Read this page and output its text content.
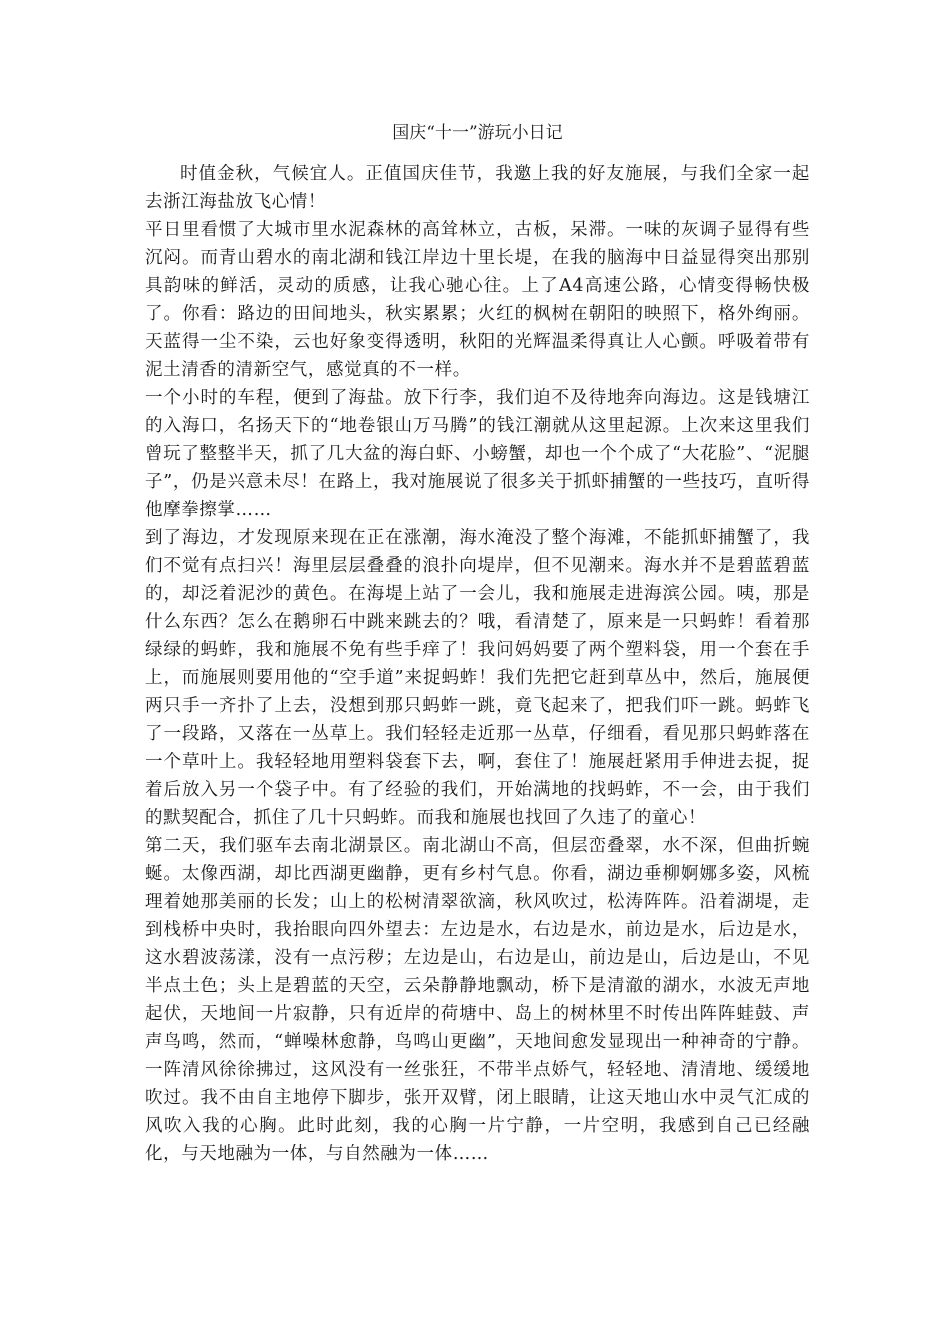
国庆“十一”游玩小日记

时值金秋，气候宜人。正值国庆佳节，我邀上我的好友施展，与我们全家一起去浙江海盐放飞心情！

平日里看惯了大城市里水泥森林的高耸林立，古板，呆滞。一味的灰调子显得有些沉闷。而青山碧水的南北湖和钱江岸边十里长堤，在我的脑海中日益显得突出那别具韵味的鲜活，灵动的质感，让我心驰心往。上了A4高速公路，心情变得畅快极了。你看：路边的田间地头，秋实累累；火红的枫树在朝阳的映照下，格外绚丽。天蓝得一尘不染，云也好象变得透明，秋阳的光辉温柔得真让人心颤。呼吸着带有泥土清香的清新空气，感觉真的不一样。

一个小时的车程，便到了海盐。放下行李，我们迫不及待地奔向海边。这是钱塘江的入海口，名扬天下的“地卷银山万马腾”的钱江潮就从这里起源。上次来这里我们曾玩了整整半天，抓了几大盆的海白虾、小螃蟹，却也一个个成了“大花脸”、“泥腿子”，仍是兴意未尽！在路上，我对施展说了很多关于抓虾捕蟹的一些技巧，直听得他摩拳擦掌……

到了海边，才发现原来现在正在涨潮，海水淹没了整个海滩，不能抓虾捕蟹了，我们不觉有点扫兴！海里层层叠叠的浪扑向堤岸，但不见潮来。海水并不是碧蓝碧蓝的，却泛着泥沙的黄色。在海堤上站了一会儿，我和施展走进海滨公园。咦，那是什么东西？怎么在鹅卵石中跳来跳去的？哦，看清楚了，原来是一只蚂蚱！看着那绿绿的蚂蚱，我和施展不免有些手痒了！我问妈妈要了两个塑料袋，用一个套在手上，而施展则要用他的“空手道”来捉蚂蚱！我们先把它赶到草丛中，然后，施展便两只手一齐扑了上去，没想到那只蚂蚱一跳，竟飞起来了，把我们吓一跳。蚂蚱飞了一段路，又落在一丛草上。我们轻轻走近那一丛草，仔细看，看见那只蚂蚱落在一个草叶上。我轻轻地用塑料袋套下去，啊，套住了！施展赶紧用手伸进去捉，捉着后放入另一个袋子中。有了经验的我们，开始满地的找蚂蚱，不一会，由于我们的默契配合，抓住了几十只蚂蚱。而我和施展也找回了久违了的童心！

第二天，我们驱车去南北湖景区。南北湖山不高，但层峦叠翠，水不深，但曲折蜿蜒。太像西湖，却比西湖更幽静，更有乡村气息。你看，湖边垂柳婀娜多姿，风梳理着她那美丽的长发；山上的松树清翠欲滴，秋风吹过，松涛阵阵。沿着湖堤，走到栈桥中央时，我抬眼向四外望去：左边是水，右边是水，前边是水，后边是水，这水碧波荡漾，没有一点污秽；左边是山，右边是山，前边是山，后边是山，不见半点土色；头上是碧蓝的天空，云朵静静地飘动，桥下是清澈的湖水，水波无声地起伏，天地间一片寂静，只有近岸的荷塘中、岛上的树林里不时传出阵阵蛙鼓、声声鸟鸣，然而，“蝉噪林愈静，鸟鸣山更幽”，天地间愈发显现出一种神奇的宁静。一阵清风徐徐拂过，这风没有一丝张狂，不带半点娇气，轻轻地、清清地、缓缓地吹过。我不由自主地停下脚步，张开双臂，闭上眼睛，让这天地山水中灵气汇成的风吹入我的心胸。此时此刻，我的心胸一片宁静，一片空明，我感到自己已经融化，与天地融为一体，与自然融为一体……
